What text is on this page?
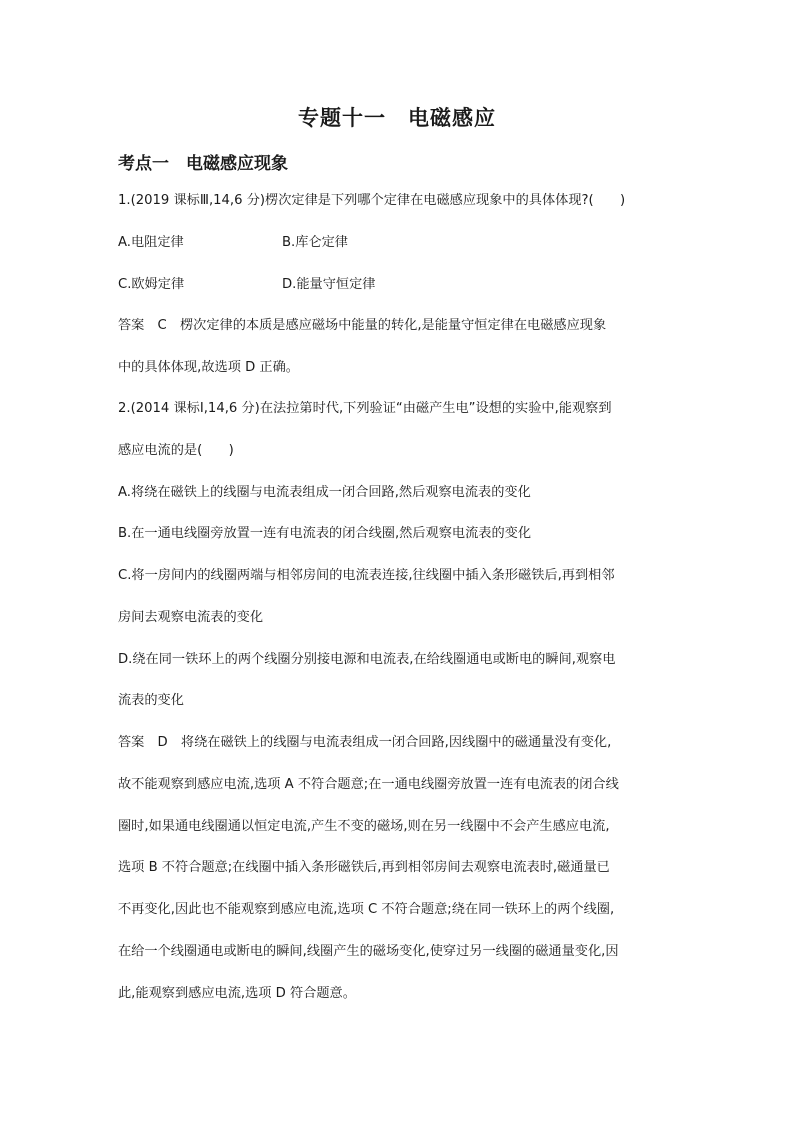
专题十一　电磁感应
考点一　电磁感应现象
1.(2019 课标Ⅲ,14,6 分)楞次定律是下列哪个定律在电磁感应现象中的具体体现?(　　)
A.电阻定律	B.库仑定律
C.欧姆定律	D.能量守恒定律
答案　C　楞次定律的本质是感应磁场中能量的转化,是能量守恒定律在电磁感应现象
中的具体体现,故选项 D 正确。
2.(2014 课标Ⅰ,14,6 分)在法拉第时代,下列验证“由磁产生电”设想的实验中,能观察到
感应电流的是(　　)
A.将绕在磁铁上的线圈与电流表组成一闭合回路,然后观察电流表的变化
B.在一通电线圈旁放置一连有电流表的闭合线圈,然后观察电流表的变化
C.将一房间内的线圈两端与相邻房间的电流表连接,往线圈中插入条形磁铁后,再到相邻
房间去观察电流表的变化
D.绕在同一铁环上的两个线圈分别接电源和电流表,在给线圈通电或断电的瞬间,观察电
流表的变化
答案　D　将绕在磁铁上的线圈与电流表组成一闭合回路,因线圈中的磁通量没有变化,
故不能观察到感应电流,选项 A 不符合题意;在一通电线圈旁放置一连有电流表的闭合线
圈时,如果通电线圈通以恒定电流,产生不变的磁场,则在另一线圈中不会产生感应电流,
选项 B 不符合题意;在线圈中插入条形磁铁后,再到相邻房间去观察电流表时,磁通量已
不再变化,因此也不能观察到感应电流,选项 C 不符合题意;绕在同一铁环上的两个线圈,
在给一个线圈通电或断电的瞬间,线圈产生的磁场变化,使穿过另一线圈的磁通量变化,因
此,能观察到感应电流,选项 D 符合题意。
